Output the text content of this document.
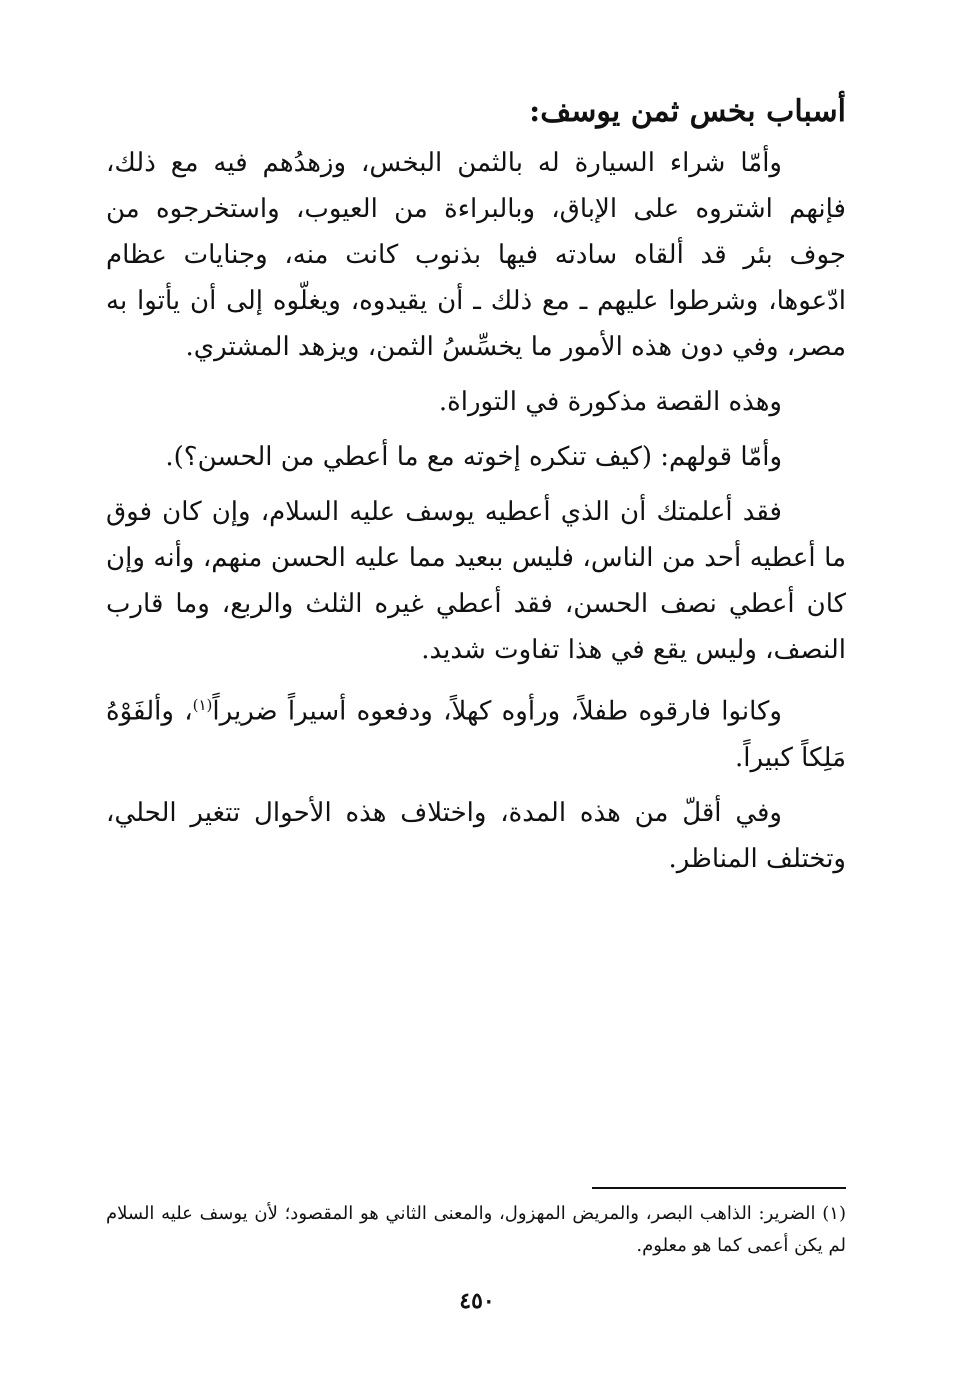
أسباب بخس ثمن يوسف:

وأمّا شراء السيارة له بالثمن البخس، وزهدُهم فيه مع ذلك، فإنهم اشتروه على الإباق، وبالبراءة من العيوب، واستخرجوه من جوف بئر قد ألقاه سادته فيها بذنوب كانت منه، وجنايات عظام ادّعوها، وشرطوا عليهم ـ مع ذلك ـ أن يقيدوه، ويغلّوه إلى أن يأتوا به مصر، وفي دون هذه الأمور ما يخسِّسُ الثمن، ويزهد المشتري.

وهذه القصة مذكورة في التوراة.

وأمّا قولهم: (كيف تنكره إخوته مع ما أعطي من الحسن؟).

فقد أعلمتك أن الذي أعطيه يوسف عليه السلام، وإن كان فوق ما أعطيه أحد من الناس، فليس ببعيد مما عليه الحسن منهم، وأنه وإن كان أعطي نصف الحسن، فقد أعطي غيره الثلث والربع، وما قارب النصف، وليس يقع في هذا تفاوت شديد.

وكانوا فارقوه طفلاً، ورأوه كهلاً، ودفعوه أسيراً ضريراً$^{(١)}$، وألفَوْهُ مَلِكاً كبيراً.

وفي أقلّ من هذه المدة، واختلاف هذه الأحوال تتغير الحلي، وتختلف المناظر.

(١) الضرير: الذاهب البصر، والمريض المهزول، والمعنى الثاني هو المقصود؛ لأن يوسف عليه السلام لم يكن أعمى كما هو معلوم.

٤٥٠
